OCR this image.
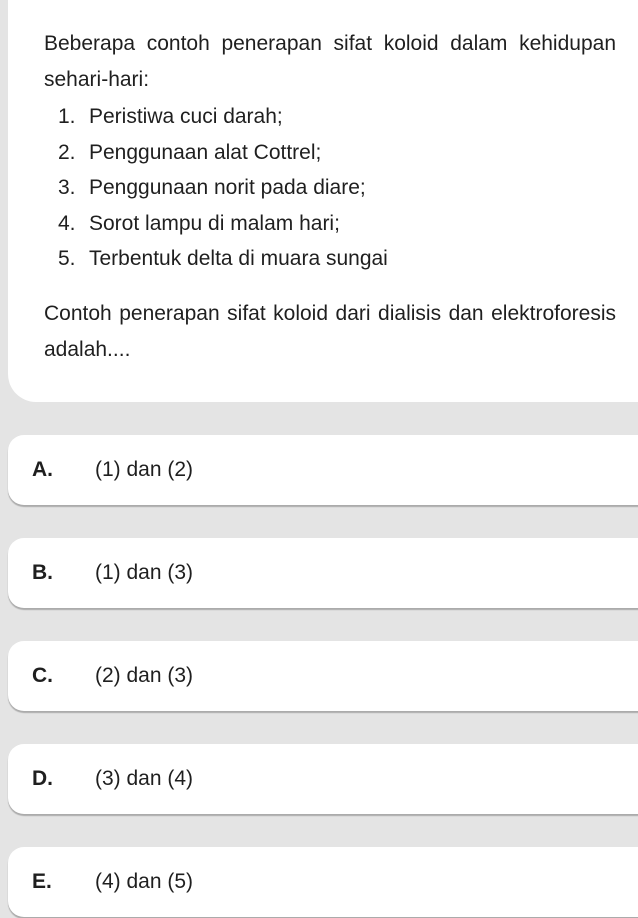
Beberapa contoh penerapan sifat koloid dalam kehidupan sehari-hari:

1. Peristiwa cuci darah;
2. Penggunaan alat Cottrel;
3. Penggunaan norit pada diare;
4. Sorot lampu di malam hari;
5. Terbentuk delta di muara sungai

Contoh penerapan sifat koloid dari dialisis dan elektroforesis adalah....

A. (1) dan (2)
B. (1) dan (3)
C. (2) dan (3)
D. (3) dan (4)
E. (4) dan (5)
